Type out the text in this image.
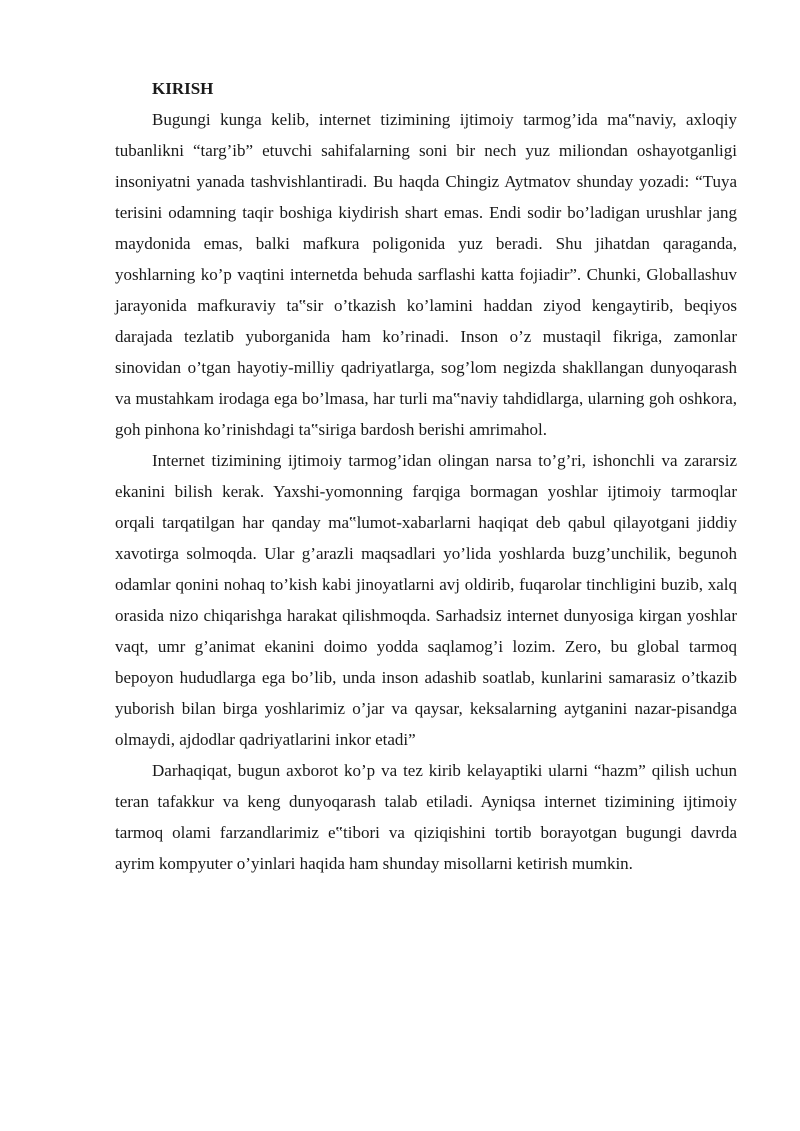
KIRISH

Bugungi kunga kelib, internet tizimining ijtimoiy tarmog’ida ma‟naviy, axloqiy tubanlikni “targ’ib” etuvchi sahifalarning soni bir nech yuz miliondan oshayotganligi insoniyatni yanada tashvishlantiradi. Bu haqda Chingiz Aytmatov shunday yozadi: “Tuya terisini odamning taqir boshiga kiydirish shart emas. Endi sodir bo’ladigan urushlar jang maydonida emas, balki mafkura poligonida yuz beradi. Shu jihatdan qaraganda, yoshlarning ko’p vaqtini internetda behuda sarflashi katta fojiadir”. Chunki, Globallashuv jarayonida mafkuraviy ta‟sir o’tkazish ko’lamini haddan ziyod kengaytirib, beqiyos darajada tezlatib yuborganida ham ko’rinadi. Inson o’z mustaqil fikriga, zamonlar sinovidan o’tgan hayotiy-milliy qadriyatlarga, sog’lom negizda shakllangan dunyoqarash va mustahkam irodaga ega bo’lmasa, har turli ma‟naviy tahdidlarga, ularning goh oshkora, goh pinhona ko’rinishdagi ta‟siriga bardosh berishi amrimahol.

Internet tizimining ijtimoiy tarmog’idan olingan narsa to’g’ri, ishonchli va zararsiz ekanini bilish kerak. Yaxshi-yomonning farqiga bormagan yoshlar ijtimoiy tarmoqlar orqali tarqatilgan har qanday ma‟lumot-xabarlarni haqiqat deb qabul qilayotgani jiddiy xavotirga solmoqda. Ular g’arazli maqsadlari yo’lida yoshlarda buzg’unchilik, begunoh odamlar qonini nohaq to’kish kabi jinoyatlarni avj oldirib, fuqarolar tinchligini buzib, xalq orasida nizo chiqarishga harakat qilishmoqda. Sarhadsiz internet dunyosiga kirgan yoshlar vaqt, umr g’animat ekanini doimo yodda saqlamog’i lozim. Zero, bu global tarmoq bepoyon hududlarga ega bo’lib, unda inson adashib soatlab, kunlarini samarasiz o’tkazib yuborish bilan birga yoshlarimiz o’jar va qaysar, keksalarning aytganini nazar-pisandga olmaydi, ajdodlar qadriyatlarini inkor etadi”

Darhaqiqat, bugun axborot ko’p va tez kirib kelayaptiki ularni “hazm” qilish uchun teran tafakkur va keng dunyoqarash talab etiladi. Ayniqsa internet tizimining ijtimoiy tarmoq olami farzandlarimiz e‟tibori va qiziqishini tortib borayotgan bugungi davrda ayrim kompyuter o’yinlari haqida ham shunday misollarni ketirish mumkin.
